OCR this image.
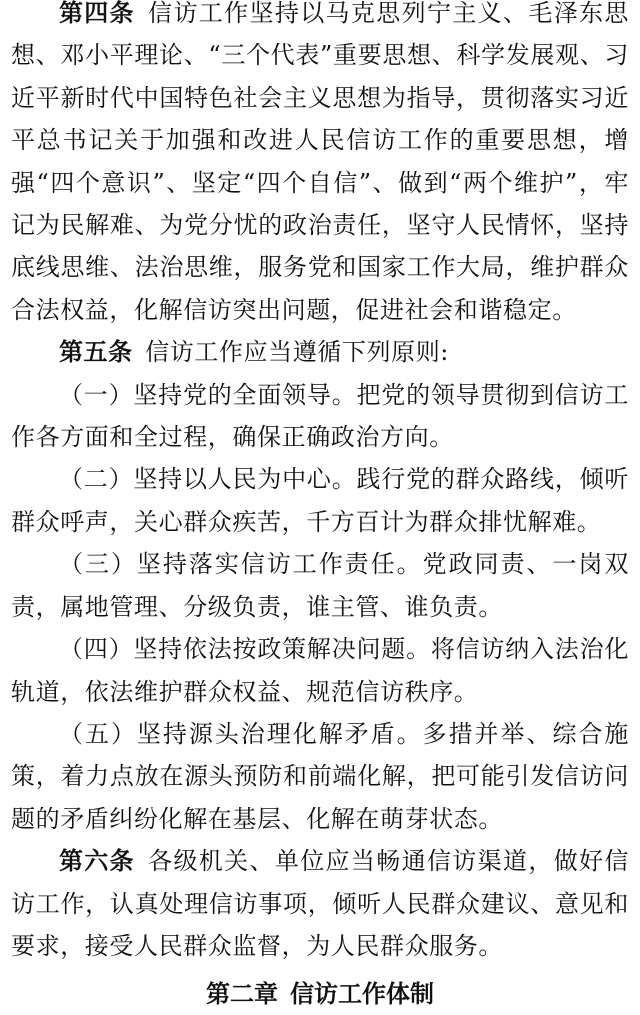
第四条  信访工作坚持以马克思列宁主义、毛泽东思想、邓小平理论、“三个代表”重要思想、科学发展观、习近平新时代中国特色社会主义思想为指导，贯彻落实习近平总书记关于加强和改进人民信访工作的重要思想，增强“四个意识”、坚定“四个自信”、做到“两个维护”，牢记为民解难、为党分忧的政治责任，坚守人民情怀，坚持底线思维、法治思维，服务党和国家工作大局，维护群众合法权益，化解信访突出问题，促进社会和谐稳定。

第五条  信访工作应当遵循下列原则:

（一）坚持党的全面领导。把党的领导贯彻到信访工作各方面和全过程，确保正确政治方向。

（二）坚持以人民为中心。践行党的群众路线，倾听群众呼声，关心群众疾苦，千方百计为群众排忧解难。

（三）坚持落实信访工作责任。党政同责、一岗双责，属地管理、分级负责，谁主管、谁负责。

（四）坚持依法按政策解决问题。将信访纳入法治化轨道，依法维护群众权益、规范信访秩序。

（五）坚持源头治理化解矛盾。多措并举、综合施策，着力点放在源头预防和前端化解，把可能引发信访问题的矛盾纠纷化解在基层、化解在萌芽状态。

第六条  各级机关、单位应当畅通信访渠道，做好信访工作，认真处理信访事项，倾听人民群众建议、意见和要求，接受人民群众监督，为人民群众服务。

第二章 信访工作体制
